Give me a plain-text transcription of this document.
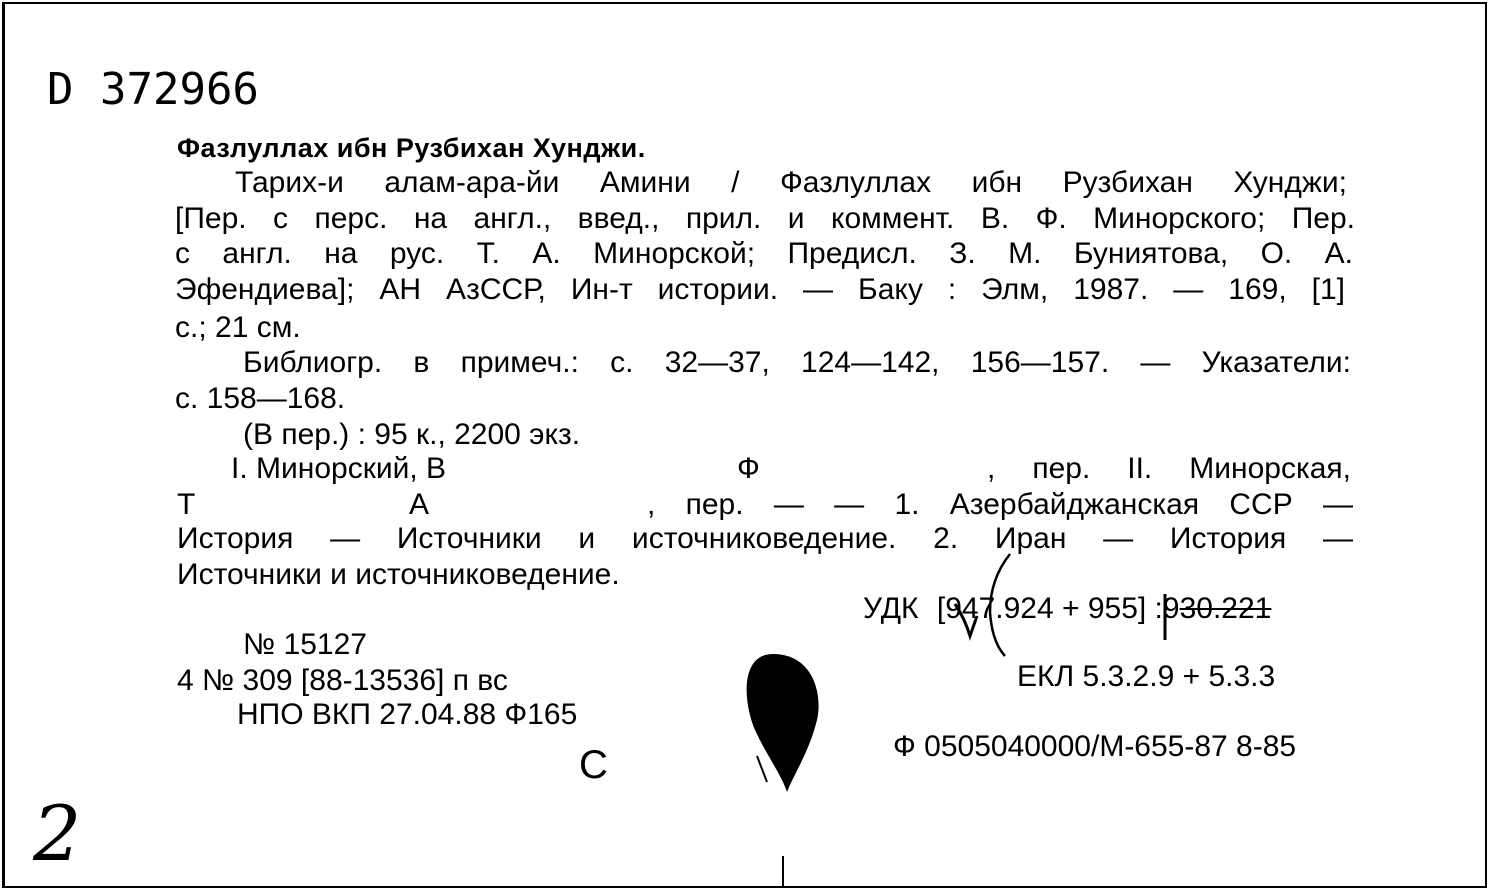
D 372966
Фазлуллах ибн Рузбихан Хунджи.
Тарих-и алам-ара-йи Амини / Фазлуллах ибн Рузбихан Хунджи;
[Пер. с перс. на англ., введ., прил. и коммент. В. Ф. Минорского; Пер.
с англ. на рус. Т. А. Минорской; Предисл. З. М. Буниятова, О. А.
Эфендиева]; АН АзССР, Ин-т истории. — Баку : Элм, 1987. — 169, [1]
с.; 21 см.
Библиогр. в примеч.: с. 32—37, 124—142, 156—157. — Указатели:
с. 158—168.
(В пер.) : 95 к., 2200 экз.
I. Минорский, В	Ф	, пер. II. Минорская,
Т	А	, пер. — — 1. Азербайджанская ССР —
История — Источники и источниковедение. 2. Иран — История —
Источники и источниковедение.
УДК [947.924 + 955] :930.221
№ 15127
4 № 309 [88-13536] п вс
НПО ВКП 27.04.88 Ф165
С
ЕКЛ 5.3.2.9 + 5.3.3
Ф 0505040000/М-655-87 8-85
2
